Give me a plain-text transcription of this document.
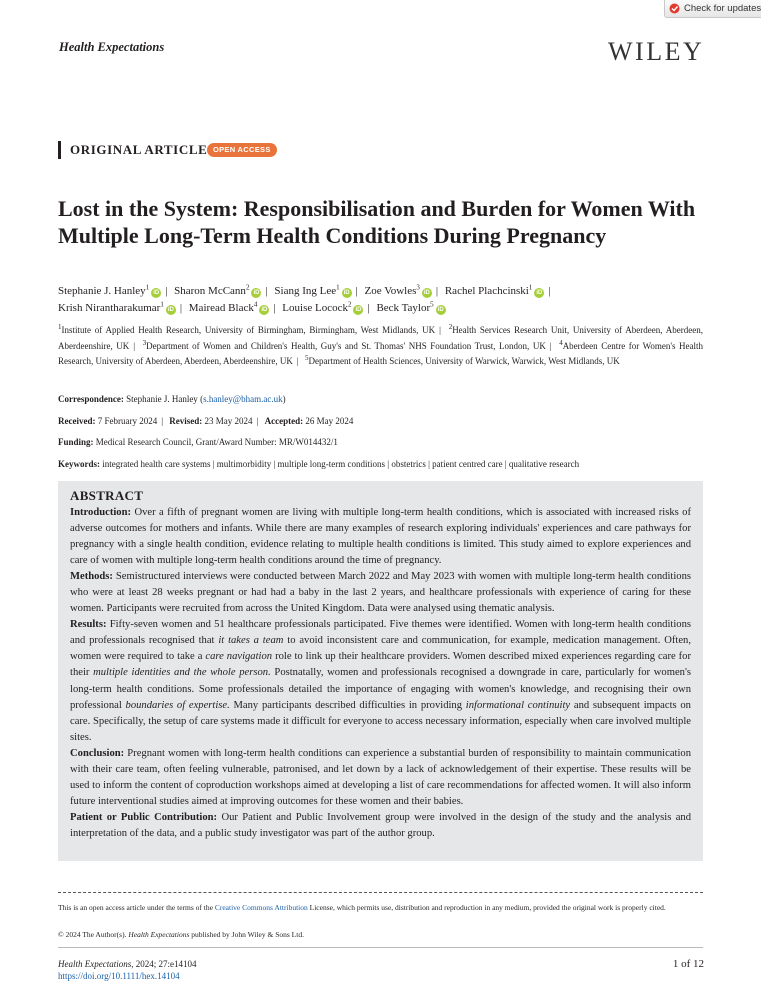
Check for updates
Health Expectations	WILEY
ORIGINAL ARTICLE OPEN ACCESS
Lost in the System: Responsibilisation and Burden for Women With Multiple Long-Term Health Conditions During Pregnancy
Stephanie J. Hanley$^1$iD | Sharon McCann$^2$iD | Siang Ing Lee$^1$iD | Zoe Vowles$^3$iD | Rachel Plachcinski$^1$iD |
Krish Nirantharakumar$^1$iD | Mairead Black$^4$iD | Louise Locock$^2$iD | Beck Taylor$^5$iD
$^1$Institute of Applied Health Research, University of Birmingham, Birmingham, West Midlands, UK | $^2$Health Services Research Unit, University of Aberdeen, Aberdeen, Aberdeenshire, UK | $^3$Department of Women and Children's Health, Guy's and St. Thomas' NHS Foundation Trust, London, UK | $^4$Aberdeen Centre for Women's Health Research, University of Aberdeen, Aberdeen, Aberdeenshire, UK | $^5$Department of Health Sciences, University of Warwick, Warwick, West Midlands, UK
Correspondence: Stephanie J. Hanley (s.hanley@bham.ac.uk)
Received: 7 February 2024 | Revised: 23 May 2024 | Accepted: 26 May 2024
Funding: Medical Research Council, Grant/Award Number: MR/W014432/1
Keywords: integrated health care systems | multimorbidity | multiple long-term conditions | obstetrics | patient centred care | qualitative research
ABSTRACT

Introduction: Over a fifth of pregnant women are living with multiple long-term health conditions, which is associated with increased risks of adverse outcomes for mothers and infants. While there are many examples of research exploring individuals' experiences and care pathways for pregnancy with a single health condition, evidence relating to multiple health conditions is limited. This study aimed to explore experiences and care of women with multiple long-term health conditions around the time of pregnancy.

Methods: Semistructured interviews were conducted between March 2022 and May 2023 with women with multiple long-term health conditions who were at least 28 weeks pregnant or had had a baby in the last 2 years, and healthcare professionals with experience of caring for these women. Participants were recruited from across the United Kingdom. Data were analysed using thematic analysis.

Results: Fifty-seven women and 51 healthcare professionals participated. Five themes were identified. Women with long-term health conditions and professionals recognised that it takes a team to avoid inconsistent care and communication, for example, medication management. Often, women were required to take a care navigation role to link up their healthcare providers. Women described mixed experiences regarding care for their multiple identities and the whole person. Postnatally, women and professionals recognised a downgrade in care, particularly for women's long-term health conditions. Some professionals detailed the importance of engaging with women's knowledge, and recognising their own professional boundaries of expertise. Many participants described difficulties in providing informational continuity and subsequent impacts on care. Specifically, the setup of care systems made it difficult for everyone to access necessary information, especially when care involved multiple sites.

Conclusion: Pregnant women with long-term health conditions can experience a substantial burden of responsibility to maintain communication with their care team, often feeling vulnerable, patronised, and let down by a lack of acknowledgement of their expertise. These results will be used to inform the content of coproduction workshops aimed at developing a list of care recommendations for affected women. It will also inform future interventional studies aimed at improving outcomes for these women and their babies.

Patient or Public Contribution: Our Patient and Public Involvement group were involved in the design of the study and the analysis and interpretation of the data, and a public study investigator was part of the author group.

This is an open access article under the terms of the Creative Commons Attribution License, which permits use, distribution and reproduction in any medium, provided the original work is properly cited.
© 2024 The Author(s). Health Expectations published by John Wiley & Sons Ltd.
Health Expectations, 2024; 27:e14104
https://doi.org/10.1111/hex.14104
1 of 12
